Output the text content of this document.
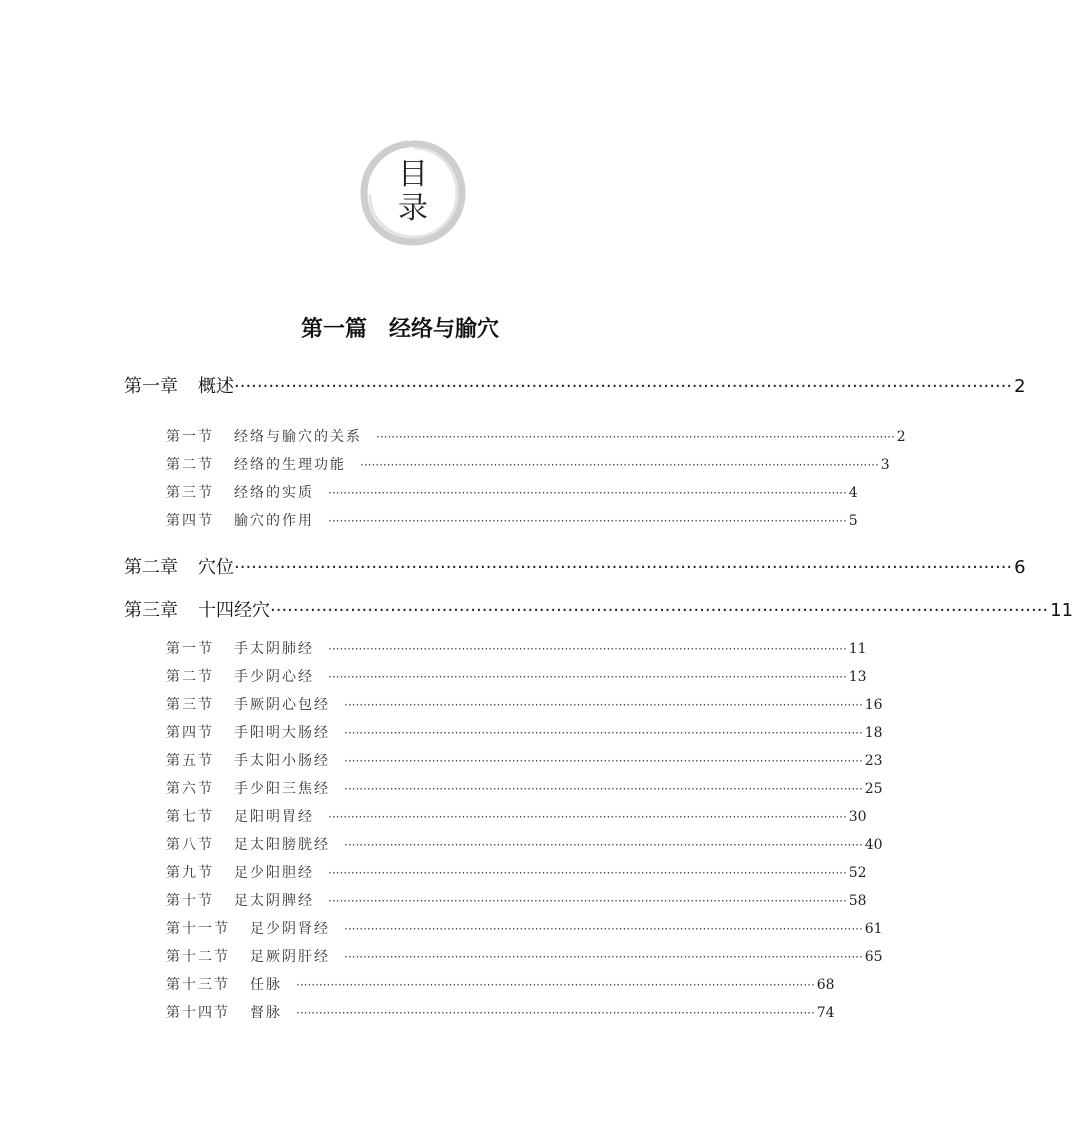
目
录
第一篇 经络与腧穴
第一章	概述 ········································································································································ 2
第一节	经络与腧穴的关系	········································································································································ 2
第二节	经络的生理功能	········································································································································ 3
第三节	经络的实质	········································································································································ 4
第四节	腧穴的作用	········································································································································ 5
第二章	穴位 ········································································································································ 6
第三章	十四经穴 ········································································································································ 11
第一节	手太阴肺经	········································································································································ 11
第二节	手少阴心经	········································································································································ 13
第三节	手厥阴心包经	········································································································································ 16
第四节	手阳明大肠经	········································································································································ 18
第五节	手太阳小肠经	········································································································································ 23
第六节	手少阳三焦经	········································································································································ 25
第七节	足阳明胃经	········································································································································ 30
第八节	足太阳膀胱经	········································································································································ 40
第九节	足少阳胆经	········································································································································ 52
第十节	足太阴脾经	········································································································································ 58
第十一节	足少阴肾经	········································································································································ 61
第十二节	足厥阴肝经	········································································································································ 65
第十三节	任脉	········································································································································ 68
第十四节	督脉	········································································································································ 74
